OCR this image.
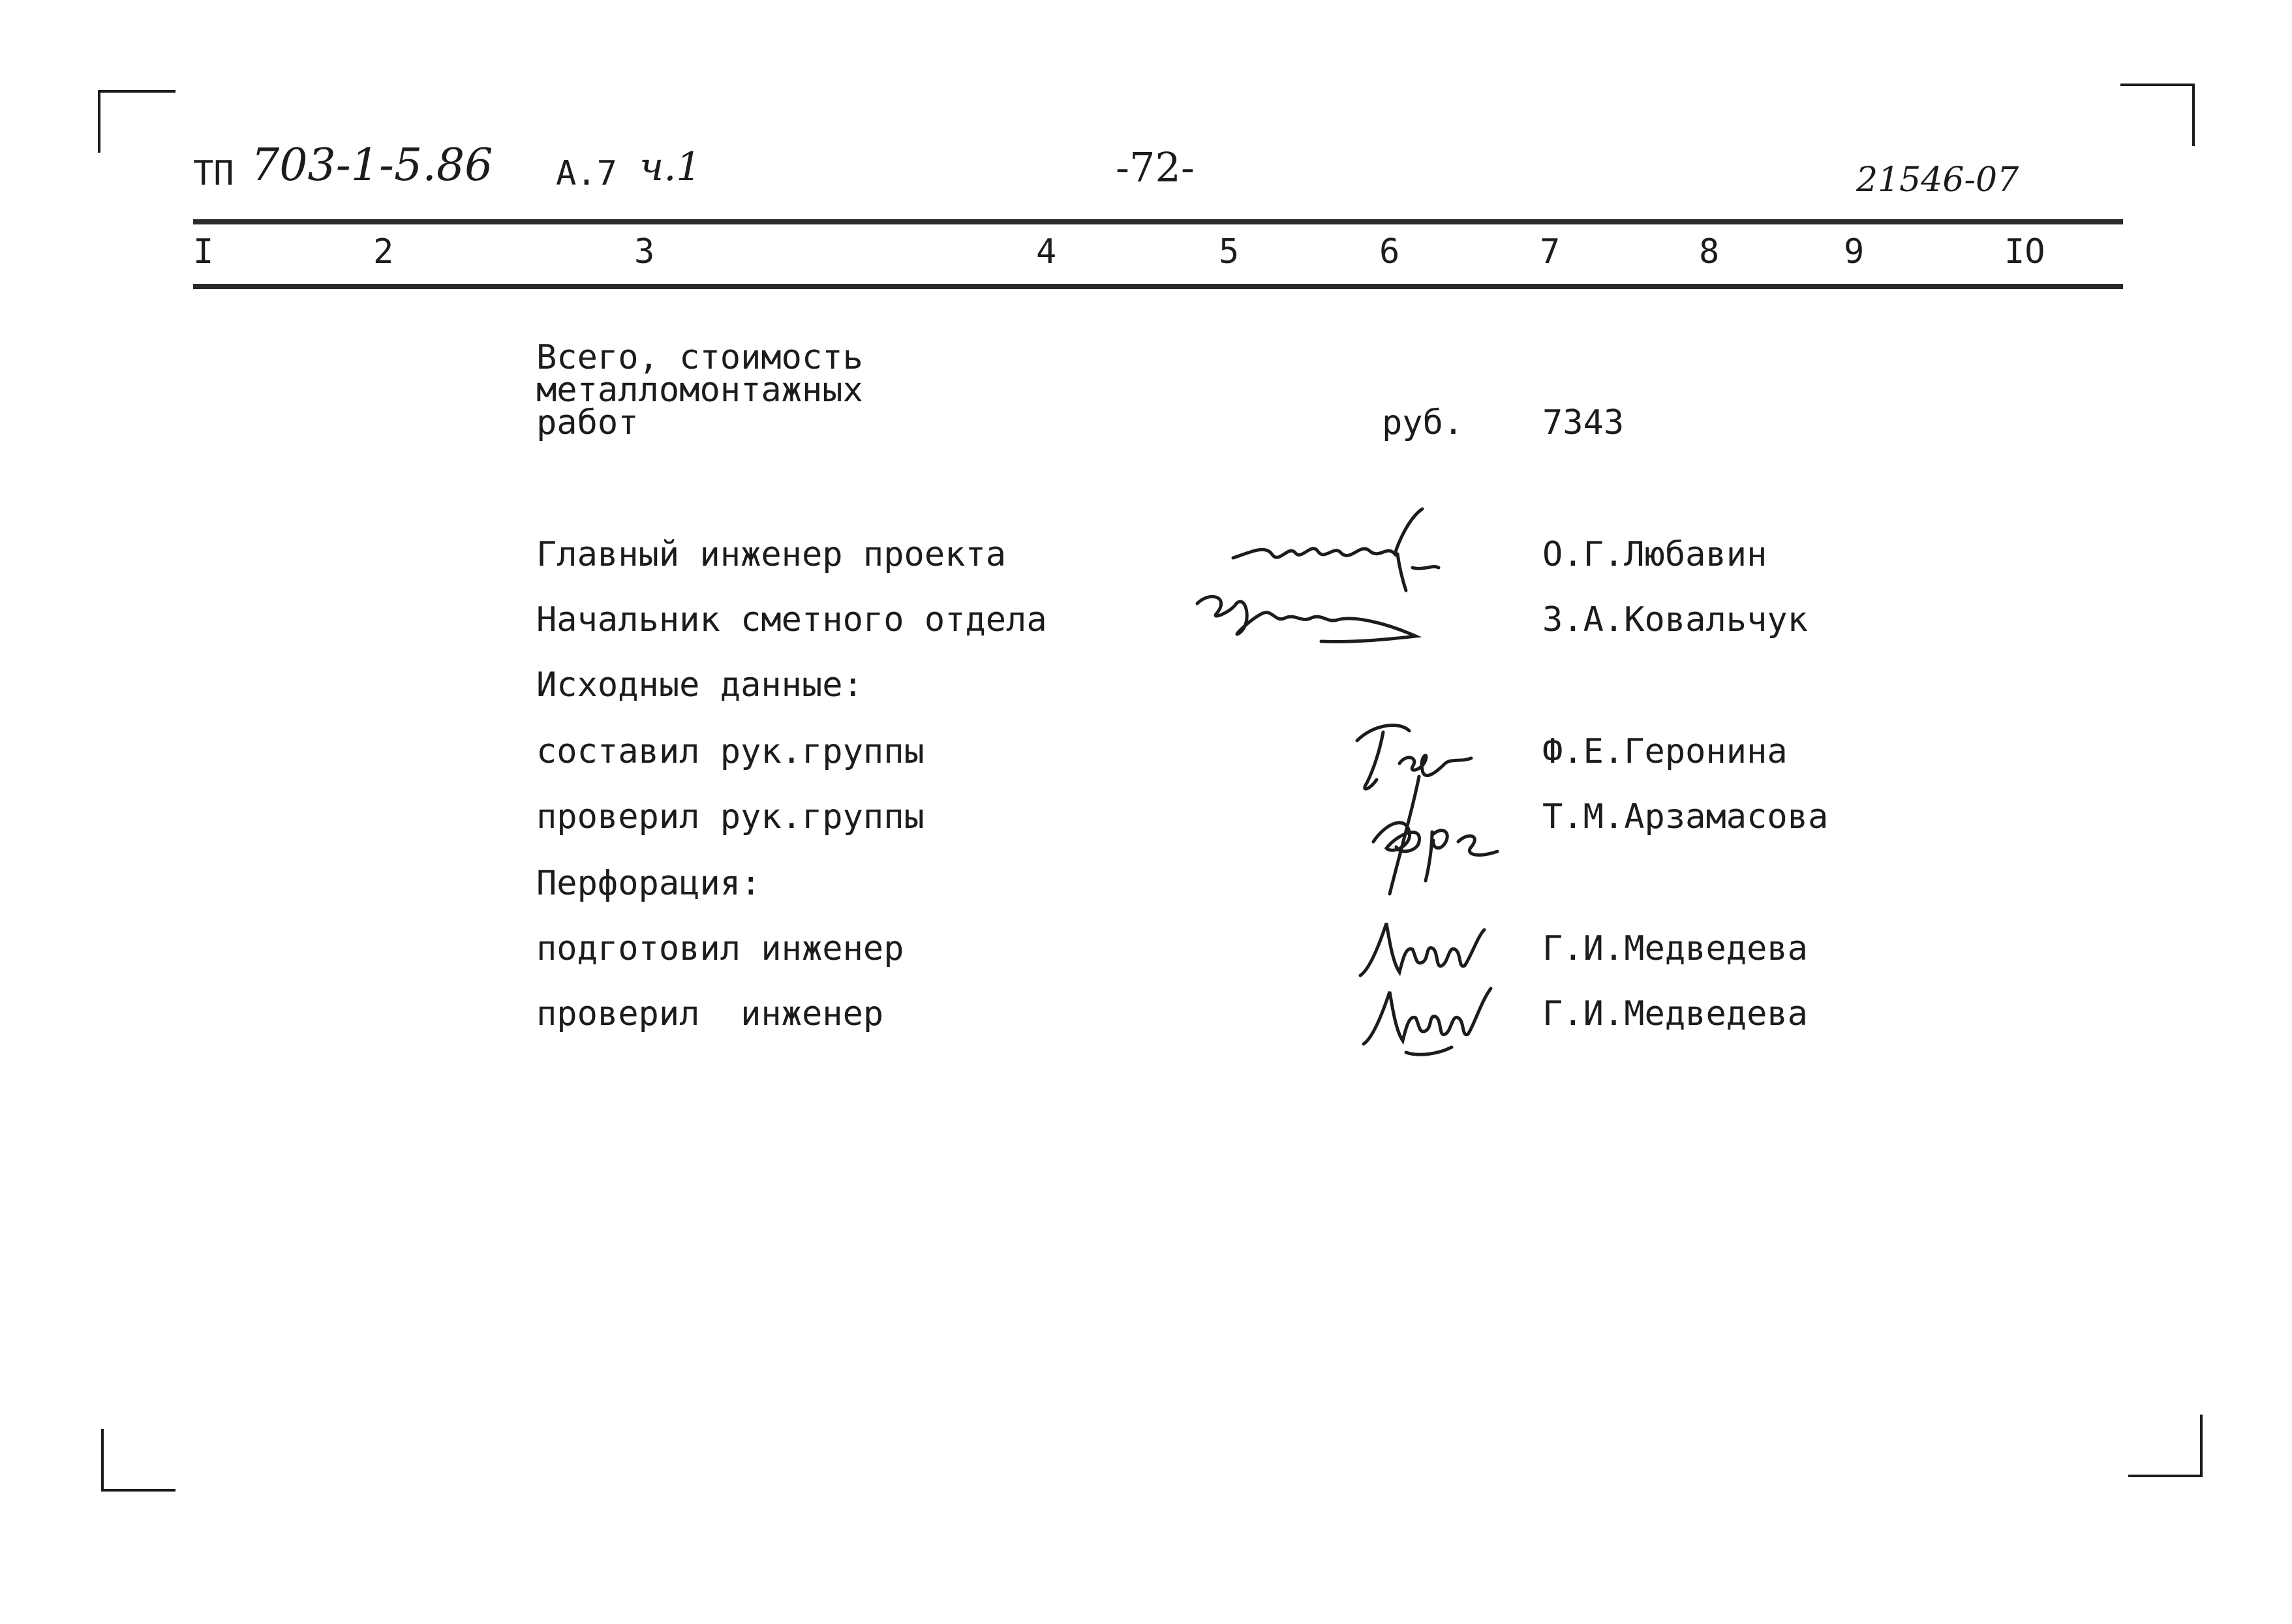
ТП 703-1-5.86 А.7 ч.1	-72-	21546-07
I	2	3	4	5	6	7	8	9	IO
Всего, стоимость
металломонтажных
работ	руб. 7343
Главный инженер проекта	О.Г.Любавин
Начальник сметного отдела	З.А.Ковальчук
Исходные данные:
составил рук.группы	Ф.Е.Геронина
проверил рук.группы	Т.М.Арзамасова
Перфорация:
подготовил инженер	Г.И.Медведева
проверил  инженер	Г.И.Медведева
